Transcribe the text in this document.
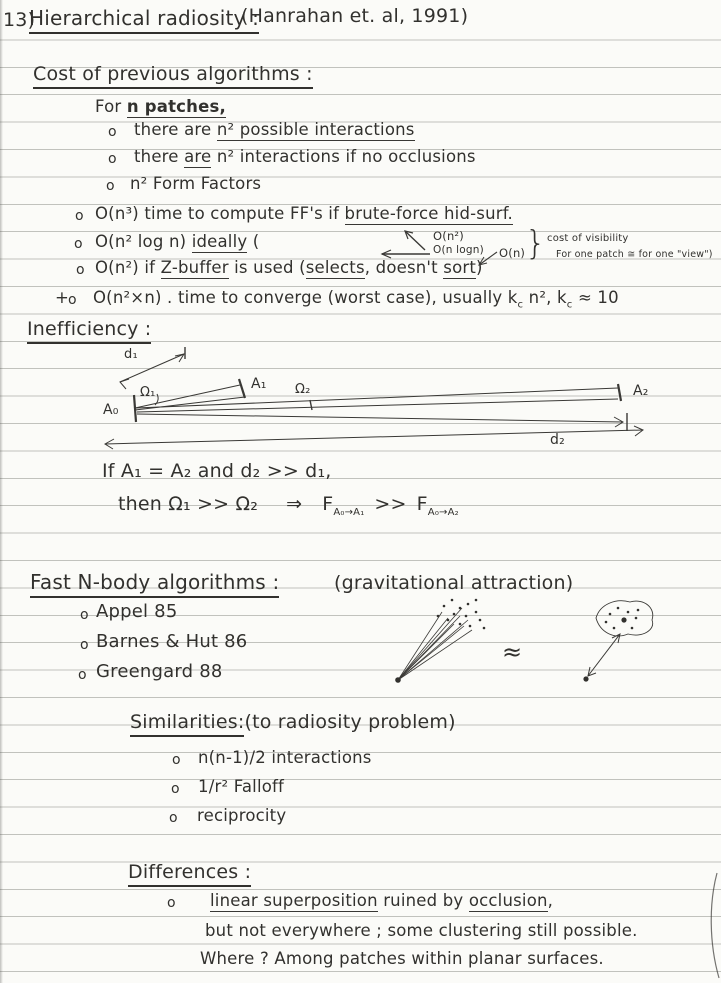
13)
Hierarchical radiosity :
(Hanrahan et. al, 1991)
Cost of previous algorithms :
For n patches,
o there are n² possible interactions
o there are n² interactions if no occlusions
o n² Form Factors
o O(n³) time to compute FF's if brute-force hid-surf.
o O(n² log n) ideally (
o O(n²) if Z-buffer is used (selects, doesn't sort)
+
o O(n²×n) . time to converge (worst case), usually $k_c$ n², $k_c \approx 10$
O(n²)
O(n logn) O(n) } cost of visibility
For one patch ≅ for one "view")
Inefficiency :
d₁
A₀
A₁
Ω₁	A₂
Ω₂
d₂
If A₁ = A₂ and d₂ >> d₁,
then Ω₁ >> Ω₂ ⇒ $F_{A_0\to A_1} >> F_{A_0\to A_2}$
Fast N-body algorithms :	(gravitational attraction)
o Appel 85
o Barnes & Hut 86
o Greengard 88
≈
Similarities:(to radiosity problem)
o n(n-1)/2 interactions
o 1/r² Falloff
o reciprocity
Differences :
o linear superposition ruined by occlusion,
but not everywhere ; some clustering still possible.
Where ? Among patches within planar surfaces.
